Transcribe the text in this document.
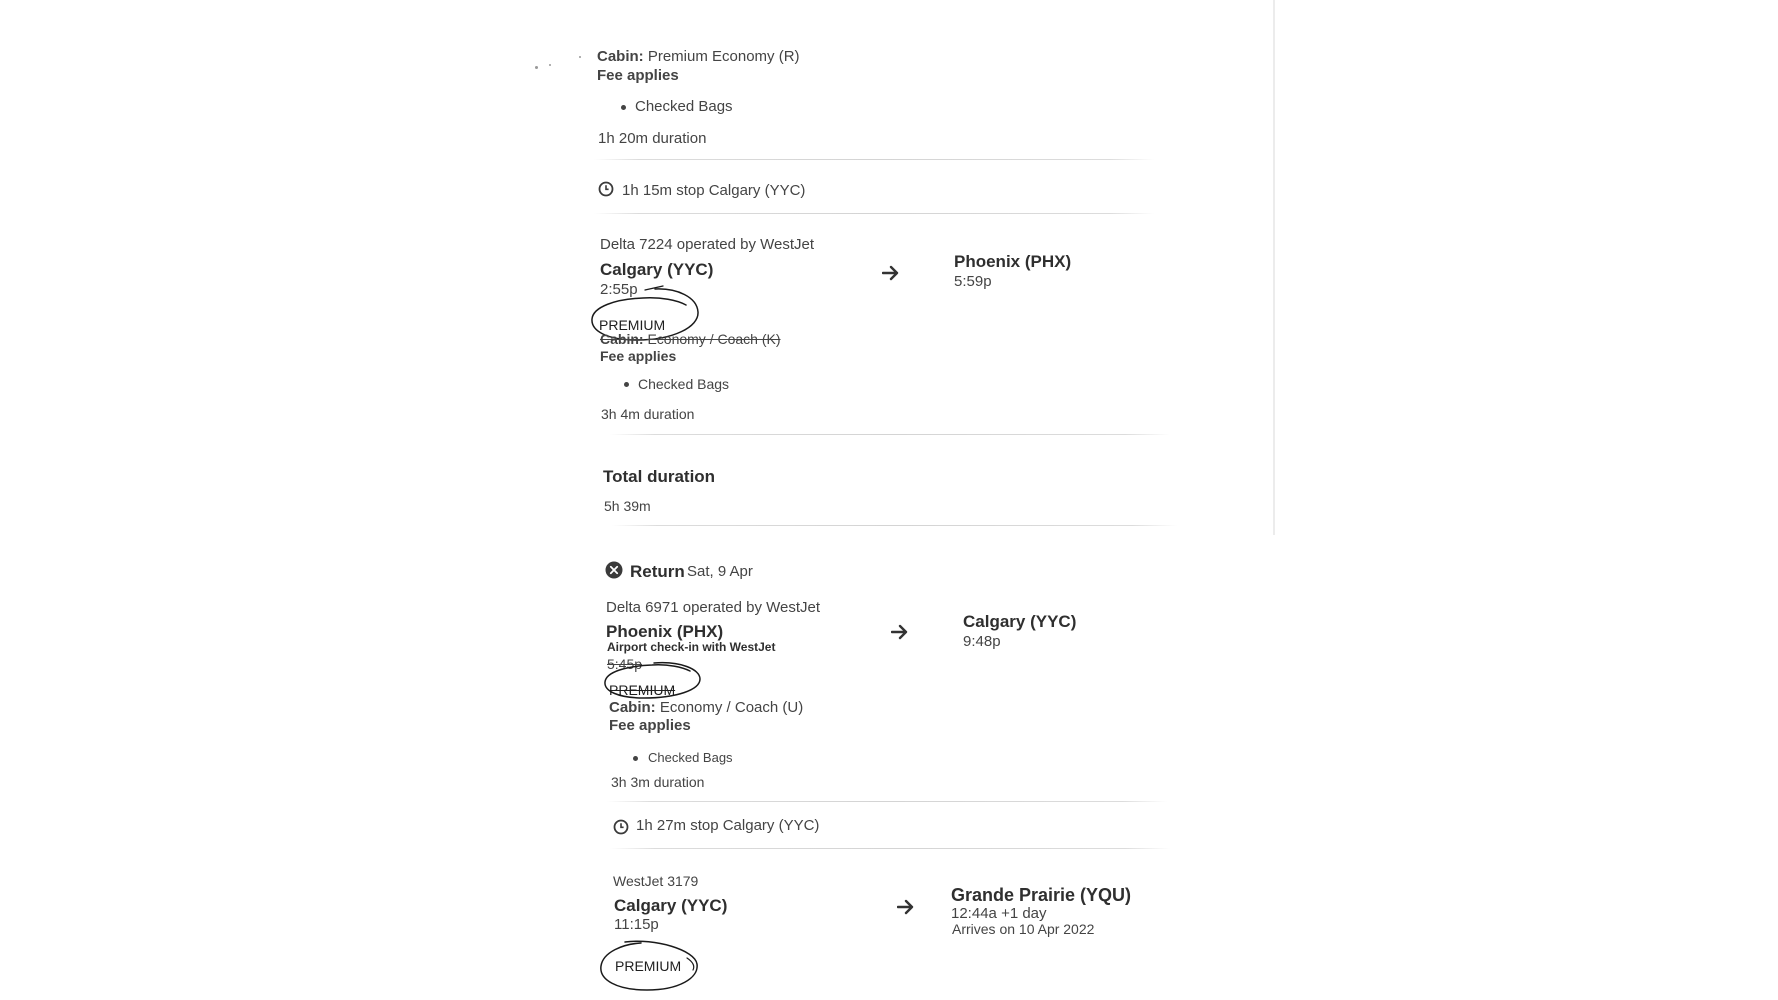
Cabin: Premium Economy (R)
Fee applies
Checked Bags
1h 20m duration
1h 15m stop Calgary (YYC)
Delta 7224 operated by WestJet
Calgary (YYC)
2:55p
Phoenix (PHX)
5:59p
PREMIUM
Cabin: Economy / Coach (K)
Fee applies
Checked Bags
3h 4m duration
Total duration
5h 39m
Return Sat, 9 Apr
Delta 6971 operated by WestJet
Phoenix (PHX)
Airport check-in with WestJet
5:45p
Calgary (YYC)
9:48p
PREMIUM
Cabin: Economy / Coach (U)
Fee applies
Checked Bags
3h 3m duration
1h 27m stop Calgary (YYC)
WestJet 3179
Calgary (YYC)
11:15p
Grande Prairie (YQU)
12:44a +1 day
Arrives on 10 Apr 2022
PREMIUM
